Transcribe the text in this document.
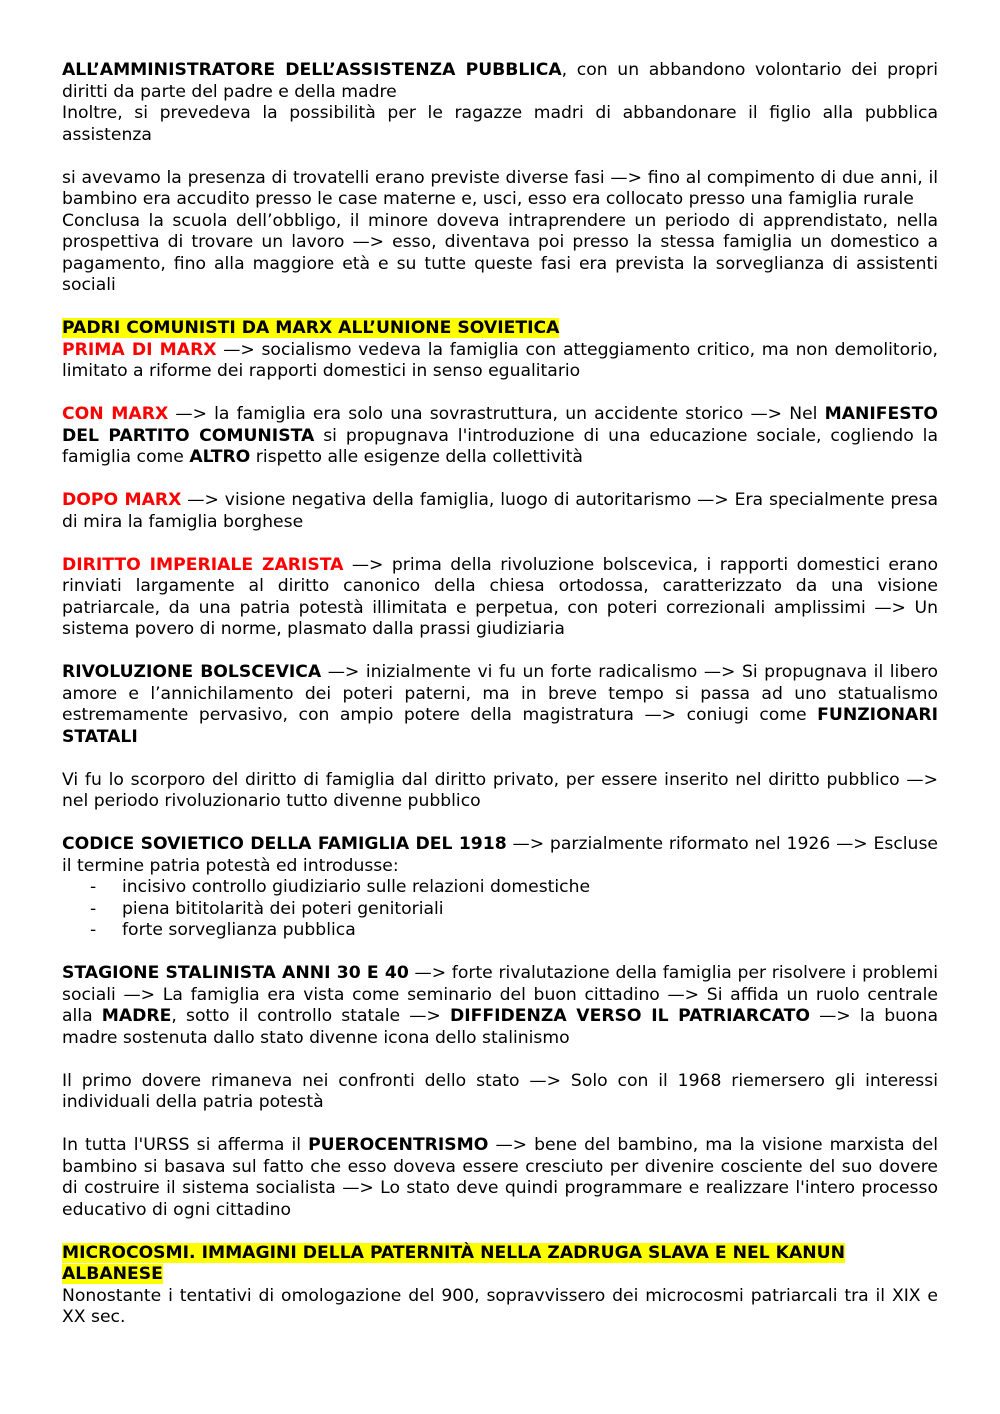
ALL’AMMINISTRATORE DELL’ASSISTENZA PUBBLICA, con un abbandono volontario dei propri diritti da parte del padre e della madre

Inoltre, si prevedeva la possibilità per le ragazze madri di abbandonare il figlio alla pubblica assistenza

si avevamo la presenza di trovatelli erano previste diverse fasi —> fino al compimento di due anni, il bambino era accudito presso le case materne e, usci, esso era collocato presso una famiglia rurale

Conclusa la scuola dell’obbligo, il minore doveva intraprendere un periodo di apprendistato, nella prospettiva di trovare un lavoro —> esso, diventava poi presso la stessa famiglia un domestico a pagamento, fino alla maggiore età e su tutte queste fasi era prevista la sorveglianza di assistenti sociali

PADRI COMUNISTI DA MARX ALL’UNIONE SOVIETICA

PRIMA DI MARX —> socialismo vedeva la famiglia con atteggiamento critico, ma non demolitorio, limitato a riforme dei rapporti domestici in senso egualitario

CON MARX —> la famiglia era solo una sovrastruttura, un accidente storico —> Nel MANIFESTO DEL PARTITO COMUNISTA si propugnava l'introduzione di una educazione sociale, cogliendo la famiglia come ALTRO rispetto alle esigenze della collettività

DOPO MARX —> visione negativa della famiglia, luogo di autoritarismo —> Era specialmente presa di mira la famiglia borghese

DIRITTO IMPERIALE ZARISTA —> prima della rivoluzione bolscevica, i rapporti domestici erano rinviati largamente al diritto canonico della chiesa ortodossa, caratterizzato da una visione patriarcale, da una patria potestà illimitata e perpetua, con poteri correzionali amplissimi —> Un sistema povero di norme, plasmato dalla prassi giudiziaria

RIVOLUZIONE BOLSCEVICA —> inizialmente vi fu un forte radicalismo —> Si propugnava il libero amore e l’annichilamento dei poteri paterni, ma in breve tempo si passa ad uno statualismo estremamente pervasivo, con ampio potere della magistratura —> coniugi come FUNZIONARI STATALI

Vi fu lo scorporo del diritto di famiglia dal diritto privato, per essere inserito nel diritto pubblico —> nel periodo rivoluzionario tutto divenne pubblico

CODICE SOVIETICO DELLA FAMIGLIA DEL 1918 —> parzialmente riformato nel 1926 —> Escluse il termine patria potestà ed introdusse:

- incisivo controllo giudiziario sulle relazioni domestiche
- piena bititolarità dei poteri genitoriali
- forte sorveglianza pubblica

STAGIONE STALINISTA ANNI 30 E 40 —> forte rivalutazione della famiglia per risolvere i problemi sociali —> La famiglia era vista come seminario del buon cittadino —> Si affida un ruolo centrale alla MADRE, sotto il controllo statale —> DIFFIDENZA VERSO IL PATRIARCATO —> la buona madre sostenuta dallo stato divenne icona dello stalinismo

Il primo dovere rimaneva nei confronti dello stato —> Solo con il 1968 riemersero gli interessi individuali della patria potestà

In tutta l'URSS si afferma il PUEROCENTRISMO —> bene del bambino, ma la visione marxista del bambino si basava sul fatto che esso doveva essere cresciuto per divenire cosciente del suo dovere di costruire il sistema socialista —> Lo stato deve quindi programmare e realizzare l'intero processo educativo di ogni cittadino

MICROCOSMI. IMMAGINI DELLA PATERNITÀ NELLA ZADRUGA SLAVA E NEL KANUN
ALBANESE

Nonostante i tentativi di omologazione del 900, sopravvissero dei microcosmi patriarcali tra il XIX e XX sec.
